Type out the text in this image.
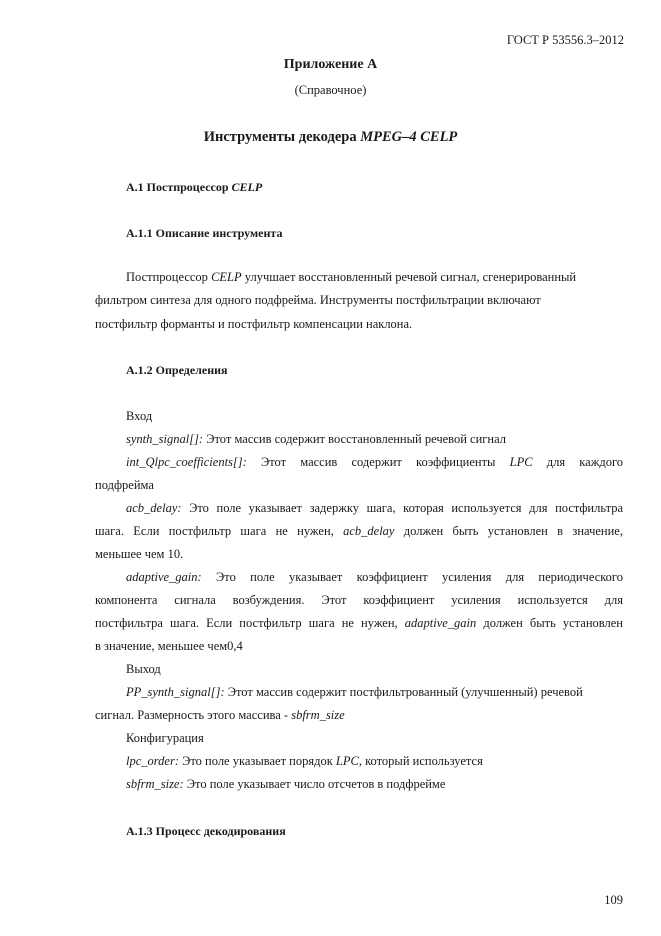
ГОСТ Р 53556.3–2012
Приложение А
(Справочное)
Инструменты декодера MPEG–4 CELP
А.1 Постпроцессор CELP
А.1.1 Описание инструмента
Постпроцессор CELP улучшает восстановленный речевой сигнал, сгенерированный
фильтром синтеза для одного подфрейма. Инструменты постфильтрации включают
постфильтр форманты и постфильтр компенсации наклона.
А.1.2 Определения
Вход
synth_signal[]: Этот массив содержит восстановленный речевой сигнал
int_Qlpc_coefficients[]: Этот массив содержит коэффициенты LPC для каждого
подфрейма
acb_delay: Это поле указывает задержку шага, которая используется для постфильтра
шага. Если постфильтр шага не нужен, acb_delay должен быть установлен в значение,
меньшее чем 10.
adaptive_gain: Это поле указывает коэффициент усиления для периодического
компонента сигнала возбуждения. Этот коэффициент усиления используется для
постфильтра шага. Если постфильтр шага не нужен, adaptive_gain должен быть установлен
в значение, меньшее чем0,4
Выход
PP_synth_signal[]: Этот массив содержит постфильтрованный (улучшенный) речевой
сигнал. Размерность этого массива - sbfrm_size
Конфигурация
lpc_order: Это поле указывает порядок LPC, который используется
sbfrm_size: Это поле указывает число отсчетов в подфрейме
А.1.3 Процесс декодирования
109
